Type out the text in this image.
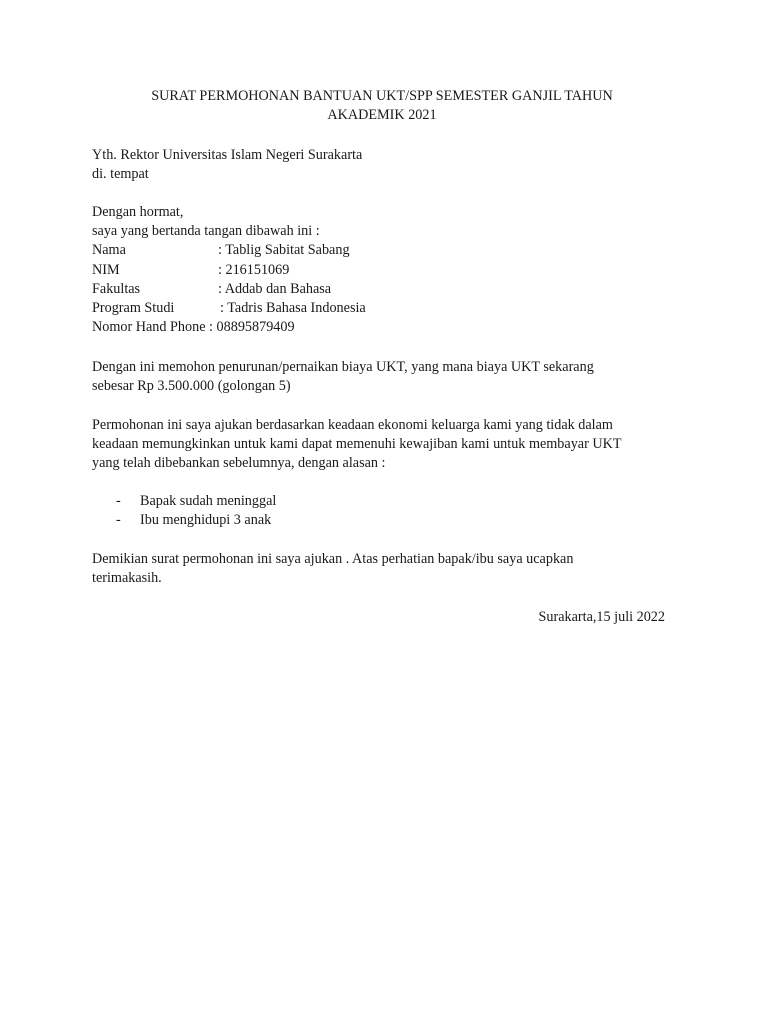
SURAT PERMOHONAN BANTUAN UKT/SPP SEMESTER GANJIL TAHUN
AKADEMIK 2021

Yth. Rektor Universitas Islam Negeri Surakarta

di. tempat

Dengan hormat,

saya yang bertanda tangan dibawah ini :

Nama	: Tablig Sabitat Sabang
NIM	: 216151069
Fakultas	: Addab dan Bahasa
Program Studi	: Tadris Bahasa Indonesia
Nomor Hand Phone : 08895879409

Dengan ini memohon penurunan/pernaikan biaya UKT, yang mana biaya UKT sekarang

sebesar Rp 3.500.000 (golongan 5)

Permohonan ini saya ajukan berdasarkan keadaan ekonomi keluarga kami yang tidak dalam

keadaan memungkinkan untuk kami dapat memenuhi kewajiban kami untuk membayar UKT

yang telah dibebankan sebelumnya, dengan alasan :

- Bapak sudah meninggal
- Ibu menghidupi 3 anak

Demikian surat permohonan ini saya ajukan . Atas perhatian bapak/ibu saya ucapkan

terimakasih.

Surakarta,15 juli 2022
